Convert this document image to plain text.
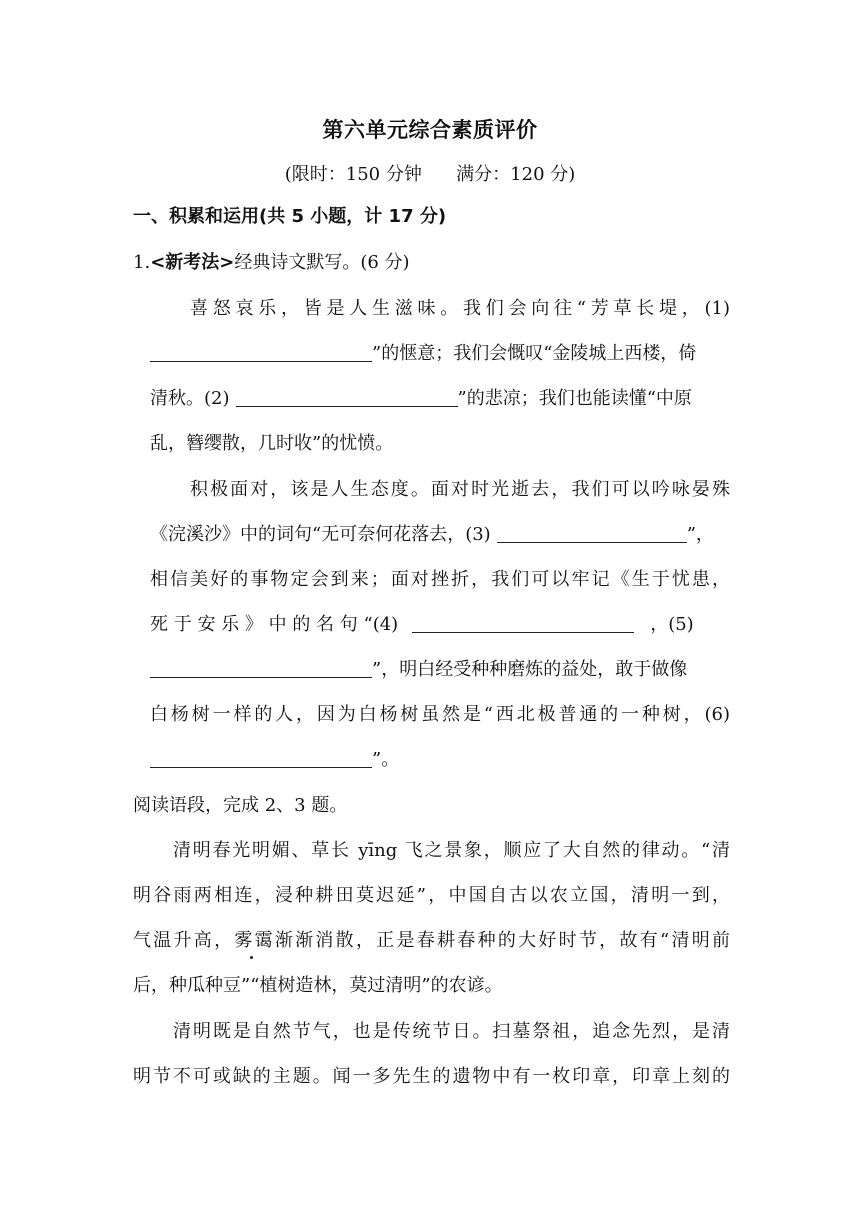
第六单元综合素质评价
(限时：150 分钟      满分：120 分)
一、积累和运用(共 5 小题，计 17 分)
1.<新考法>经典诗文默写。(6 分)
喜怒哀乐，皆是人生滋味。我们会向往“芳草长堤，(1)
”的惬意；我们会慨叹“金陵城上西楼，倚
清秋。(2)	”的悲凉；我们也能读懂“中原
乱，簪缨散，几时收”的忧愤。
积极面对，该是人生态度。面对时光逝去，我们可以吟咏晏殊
《浣溪沙》中的词句“无可奈何花落去，(3)	”，
相信美好的事物定会到来；面对挫折，我们可以牢记《生于忧患，
死 于 安 乐 》 中 的 名 句 “(4)	，(5)
”，明白经受种种磨炼的益处，敢于做像
白杨树一样的人，因为白杨树虽然是“西北极普通的一种树，(6)
”。
阅读语段，完成 2、3 题。
清明春光明媚、草长 yīng 飞之景象，顺应了大自然的律动。“清
明谷雨两相连，浸种耕田莫迟延”，中国自古以农立国，清明一到，
气温升高，雾霭渐渐消散，正是春耕春种的大好时节，故有“清明前
后，种瓜种豆”“植树造林，莫过清明”的农谚。
清明既是自然节气，也是传统节日。扫墓祭祖，追念先烈，是清
明节不可或缺的主题。闻一多先生的遗物中有一枚印章，印章上刻的
